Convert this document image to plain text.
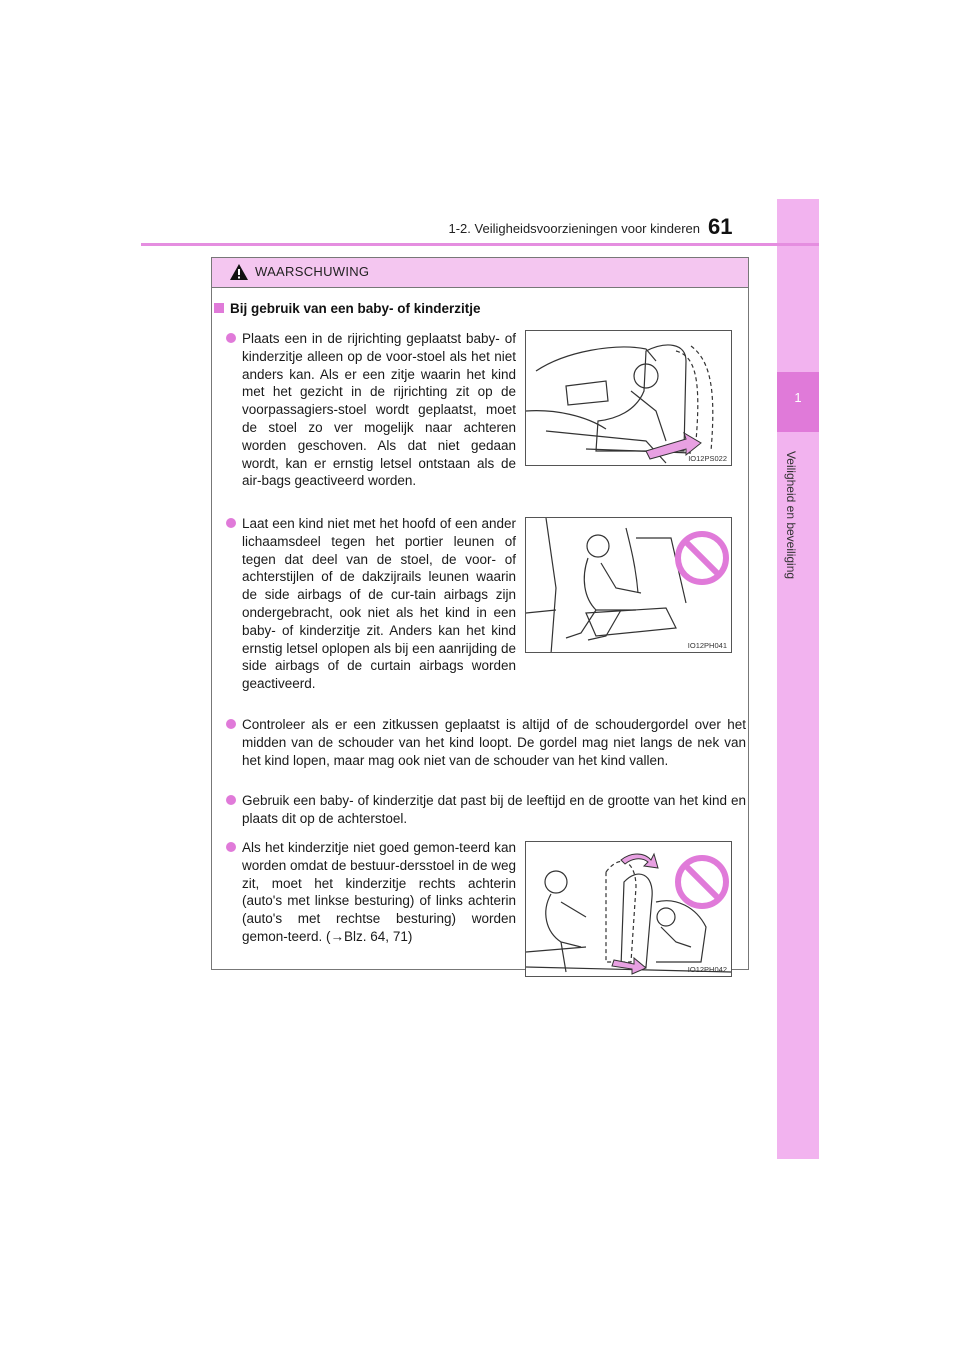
1
Veiligheid en beveiliging
1-2. Veiligheidsvoorzieningen voor kinderen 61
WAARSCHUWING
Bij gebruik van een baby- of kinderzitje
Plaats een in de rijrichting geplaatst baby- of kinderzitje alleen op de voor-stoel als het niet anders kan. Als er een zitje waarin het kind met het gezicht in de rijrichting zit op de voorpassagiers-stoel wordt geplaatst, moet de stoel zo ver mogelijk naar achteren worden geschoven. Als dat niet gedaan wordt, kan er ernstig letsel ontstaan als de air-bags geactiveerd worden.
IO12PS022
Laat een kind niet met het hoofd of een ander lichaamsdeel tegen het portier leunen of tegen dat deel van de stoel, de voor- of achterstijlen of de dakzijrails leunen waarin de side airbags of de cur-tain airbags zijn ondergebracht, ook niet als het kind in een baby- of kinderzitje zit. Anders kan het kind ernstig letsel oplopen als bij een aanrijding de side airbags of de curtain airbags worden geactiveerd.
IO12PH041
Controleer als er een zitkussen geplaatst is altijd of de schoudergordel over het midden van de schouder van het kind loopt. De gordel mag niet langs de nek van het kind lopen, maar mag ook niet van de schouder van het kind vallen.
Gebruik een baby- of kinderzitje dat past bij de leeftijd en de grootte van het kind en plaats dit op de achterstoel.
Als het kinderzitje niet goed gemon-teerd kan worden omdat de bestuur-dersstoel in de weg zit, moet het kinderzitje rechts achterin (auto's met linkse besturing) of links achterin (auto's met rechtse besturing) worden gemon-teerd. (→Blz. 64, 71)
IO12PH042
